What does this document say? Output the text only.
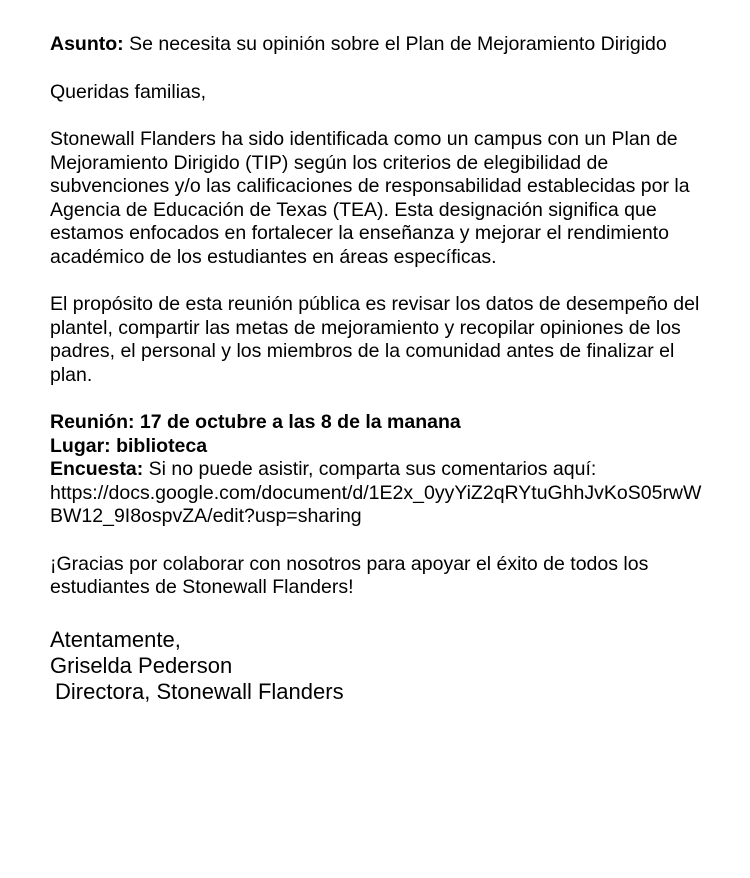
Asunto: Se necesita su opinión sobre el Plan de Mejoramiento Dirigido

Queridas familias,

Stonewall Flanders ha sido identificada como un campus con un Plan de Mejoramiento Dirigido (TIP) según los criterios de elegibilidad de subvenciones y/o las calificaciones de responsabilidad establecidas por la Agencia de Educación de Texas (TEA). Esta designación significa que estamos enfocados en fortalecer la enseñanza y mejorar el rendimiento académico de los estudiantes en áreas específicas.

El propósito de esta reunión pública es revisar los datos de desempeño del plantel, compartir las metas de mejoramiento y recopilar opiniones de los padres, el personal y los miembros de la comunidad antes de finalizar el plan.

Reunión: 17 de octubre a las 8 de la manana

Lugar: biblioteca

Encuesta: Si no puede asistir, comparta sus comentarios aquí:

https://docs.google.com/document/d/1E2x_0yyYiZ2qRYtuGhhJvKoS05rwWBW12_9I8ospvZA/edit?usp=sharing

¡Gracias por colaborar con nosotros para apoyar el éxito de todos los estudiantes de Stonewall Flanders!

Atentamente,

Griselda Pederson

Directora, Stonewall Flanders
